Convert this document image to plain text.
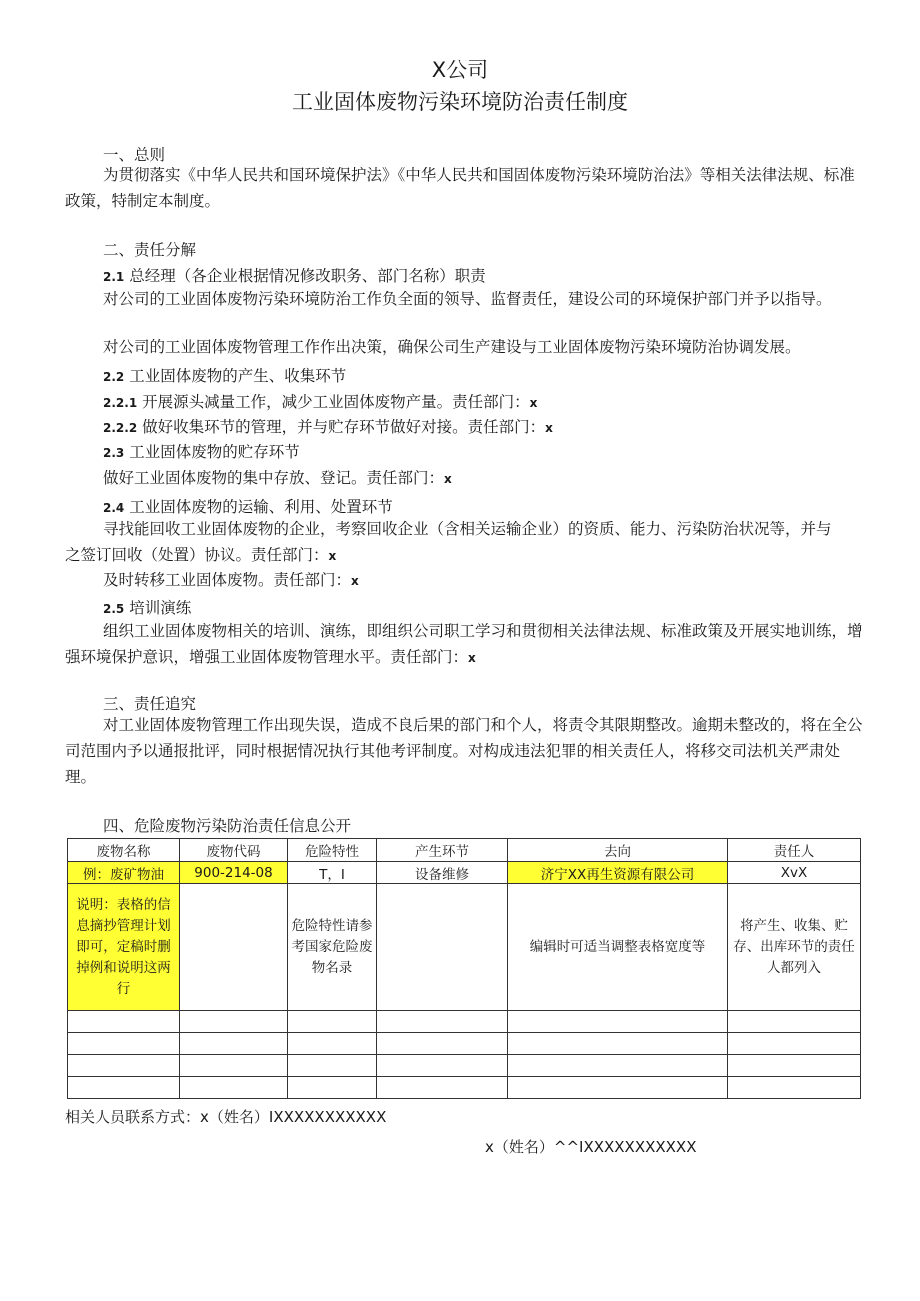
X公司
工业固体废物污染环境防治责任制度
一、总则
为贯彻落实《中华人民共和国环境保护法》《中华人民共和国固体废物污染环境防治法》等相关法律法规、标准政策，特制定本制度。
二、责任分解
2.1 总经理（各企业根据情况修改职务、部门名称）职责
对公司的工业固体废物污染环境防治工作负全面的领导、监督责任，建设公司的环境保护部门并予以指导。
对公司的工业固体废物管理工作作出决策，确保公司生产建设与工业固体废物污染环境防治协调发展。
2.2 工业固体废物的产生、收集环节
2.2.1 开展源头减量工作，减少工业固体废物产量。责任部门：x
2.2.2 做好收集环节的管理，并与贮存环节做好对接。责任部门：x
2.3 工业固体废物的贮存环节
做好工业固体废物的集中存放、登记。责任部门：x
2.4 工业固体废物的运输、利用、处置环节
寻找能回收工业固体废物的企业，考察回收企业（含相关运输企业）的资质、能力、污染防治状况等，并与之签订回收（处置）协议。责任部门：x
及时转移工业固体废物。责任部门：x
2.5 培训演练
组织工业固体废物相关的培训、演练，即组织公司职工学习和贯彻相关法律法规、标准政策及开展实地训练，增强环境保护意识，增强工业固体废物管理水平。责任部门：x
三、责任追究
对工业固体废物管理工作出现失误，造成不良后果的部门和个人，将责令其限期整改。逾期未整改的，将在全公司范围内予以通报批评，同时根据情况执行其他考评制度。对构成违法犯罪的相关责任人，将移交司法机关严肃处理。
四、危险废物污染防治责任信息公开
废物名称	废物代码	危险特性	产生环节	去向	责任人
例：废矿物油	900-214-08	T，I	设备维修	济宁XX再生资源有限公司	XvX
说明：表格的信息摘抄管理计划即可，定稿时删掉例和说明这两行		危险特性请参考国家危险废物名录		编辑时可适当调整表格宽度等	将产生、收集、贮存、出库环节的责任人都列入

相关人员联系方式：x（姓名）IXXXXXXXXXXX
x（姓名）^^IXXXXXXXXXXX
